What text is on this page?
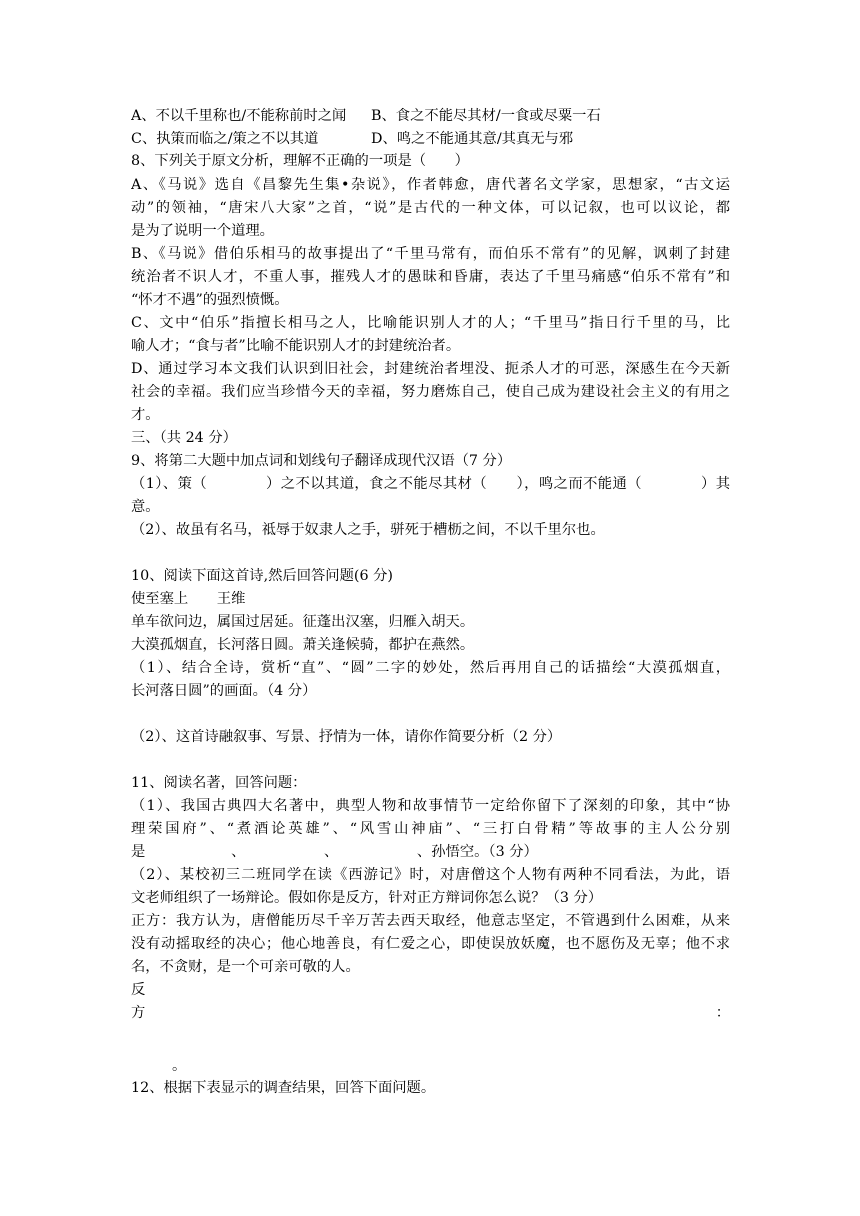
A、不以千里称也/不能称前时之闻 B、食之不能尽其材/一食或尽粟一石
C、执策而临之/策之不以其道	D、鸣之不能通其意/其真无与邪
8、下列关于原文分析，理解不正确的一项是（　　）
A、《马说》选自《昌黎先生集•杂说》，作者韩愈，唐代著名文学家，思想家，“古文运
动”的领袖，“唐宋八大家”之首，“说”是古代的一种文体，可以记叙，也可以议论，都
是为了说明一个道理。
B、《马说》借伯乐相马的故事提出了“千里马常有，而伯乐不常有”的见解，讽刺了封建
统治者不识人才，不重人事，摧残人才的愚昧和昏庸，表达了千里马痛感“伯乐不常有”和
“怀才不遇”的强烈愤慨。
C、文中“伯乐”指擅长相马之人，比喻能识别人才的人；“千里马”指日行千里的马，比
喻人才；“食与者”比喻不能识别人才的封建统治者。
D、通过学习本文我们认识到旧社会，封建统治者埋没、扼杀人才的可恶，深感生在今天新
社会的幸福。我们应当珍惜今天的幸福，努力磨炼自己，使自己成为建设社会主义的有用之
才。
三、（共 24 分）
9、将第二大题中加点词和划线句子翻译成现代汉语（7 分）
（1）、策（　　　　）之不以其道，食之不能尽其材（　　），鸣之而不能通（　　　　）其
意。
（2）、故虽有名马，祗辱于奴隶人之手，骈死于槽枥之间，不以千里尔也。
10、阅读下面这首诗,然后回答问题(6 分)
使至塞上　　王维
单车欲问边，属国过居延。征蓬出汉塞，归雁入胡天。
大漠孤烟直，长河落日圆。萧关逢候骑，都护在燕然。
（1）、结合全诗，赏析“直”、“圆”二字的妙处，然后再用自己的话描绘“大漠孤烟直，
长河落日圆”的画面。（4 分）
（2）、这首诗融叙事、写景、抒情为一体，请你作简要分析（2 分）
11、阅读名著，回答问题：
（1）、我国古典四大名著中，典型人物和故事情节一定给你留下了深刻的印象，其中“协
理荣国府”、“煮酒论英雄”、“风雪山神庙”、“三打白骨精”等故事的主人公分别
是　　　　　　、　　　　　　、　　　　　　、孙悟空。（3 分）
（2）、某校初三二班同学在读《西游记》时，对唐僧这个人物有两种不同看法，为此，语
文老师组织了一场辩论。假如你是反方，针对正方辩词你怎么说？（3 分）
正方：我方认为，唐僧能历尽千辛万苦去西天取经，他意志坚定，不管遇到什么困难，从来
没有动摇取经的决心；他心地善良，有仁爱之心，即使误放妖魔，也不愿伤及无辜；他不求
名，不贪财，是一个可亲可敬的人。
反
方	：
。
12、根据下表显示的调查结果，回答下面问题。
